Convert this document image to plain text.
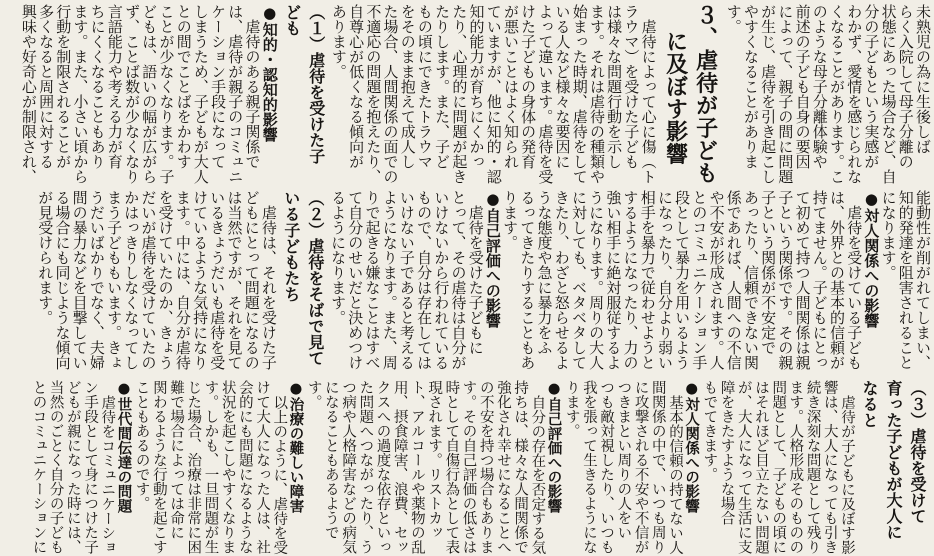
未熟児の為に生後しば
らく入院して母子分離の
状態にあった場合など、自
分の子どもという実感が
わかず、愛情を感じられな
くなることがあります。こ
のような母子分離体験や
前述の子ども自身の要因
によって、親子の間に問題
が生じ、虐待を引き起こし
やすくなることがありま
す。
３、虐待が子ども
に及ぼす影響
虐待によって心に傷（ト
ラウマ）を受けた子ども
は様々な問題行動を示し
ます。それは虐待の種類や
始まった時期、虐待をして
いる人など様々な要因に
よって違います。虐待を受
けた子どもの身体の発育
が悪いことはよく知られ
ていますが、他に知的・認
知的能力が育ちにくかっ
たり、心理的に問題が起き
たりします。また、子ど
もの頃にできたトラウマ
をそのまま抱えて成人し
た場合、人間関係の面での
不適応の問題を抱えたり、
自尊心が低くなる傾向が
あります。
（１）虐待を受けた子
ども
●知的・認知的影響
虐待のある親子関係で
は、虐待が親子のコミュニ
ケーション手段になって
しまうため、子どもが大人
との間でことばをかわす
ことが少なくなります。子
どもは、語いの幅が広がら
ず、ことば数が少なくなり
言語能力や考える力が育
ちにくくなることもあり
ます。また、小さい頃から
行動を制限されることが
多くなると周囲に対する
興味や好奇心が制限され、
能動性が削がれてしまい、
知的発達を阻害されること
になります。
●対人関係への影響
虐待を受けている子ども
は、外界との基本的信頼が
持てません。子どもにとっ
て初めて持つ人間関係は親
子という関係です。その親
子という関係が不安定で
あったり、信頼できない関
係であれば、人間への不信
や不安が形成されます。人
とのコミュニケーション手
段として暴力を用いるよう
になったり、自分より弱い
相手を暴力で従わせようと
するようになったり、力の
強い相手に絶対服従するよ
うになります。周りの大人
に対しても、ベタベタして
きたり、わざと怒らせるよ
うな態度や急に暴力をふ
るってきたりすることもあ
ります。
●自己評価への影響
虐待を受けた子どもに
とって、その虐待は自分が
いけないから行われている
もので、自分は存在しては
いけない子であると考える
ようになります。また、周
りで起きる嫌なことはすべ
て自分のせいだと決めつけ
るようになります。
（２）虐待をそばで見て
いる子どもたち
虐待は、それを受けた子
どもにとって問題になるの
は当然ですが、それを見て
いるきょうだいも虐待を受
けているような気持になり
ます。中には、自分が虐待
を受けていたのか、きょう
だいが虐待を受けていたの
かはっきりしなくなってし
まう子どももいます。きょ
うだいばかりでなく、夫婦
間の暴力などを目撃してい
る場合にも同じような傾向
が見受けられます。
（３）虐待を受けて
育った子どもが大人に
なると
虐待が子どもに及ぼす影
響は、大人になっても引き
続き深刻な問題として残り
ます。人格形成そのものの
問題として、子どもの頃に
はそれほど目立たない問題
が、大人になって生活に支
障をきたすような場合
もでてきます。
●対人関係への影響
基本的信頼の持てない人
間関係の中で、いつも周り
に攻撃される不安や不信が
つきまとい周りの人をい
つも敵対視したり、いつも
我を張って生きるようにな
ります。
●自己評価への影響
自分の存在を否定する気
持ちは、様々な人間関係で
強化され幸せになることへ
の不安を持つ場合もありま
す。その自己評価の低さは
時として自傷行為として表
現されます。リストカッ
ト、アルコールや薬物の乱
用、摂食障害、浪費、セッ
クスへの過度な依存といっ
た問題へつながったり、う
つ病や人格障害などの病気
になることもあるようで
す。
●治療の難しい障害
以上のように、虐待を受
けて大人になった人は、社
会的にも問題になるような
状況を起こしやすくなりま
す。しかも、一旦問題が生
じた場合、治療は非常に困
難で場合によっては命に
関わるような行動を起こす
こともあるのです。
●世代間伝達の問題
虐待をコミュニケーショ
ン手段として身につけた子
どもが親になった時には、
当然のごとく自分の子ども
とのコミュニケーションに
